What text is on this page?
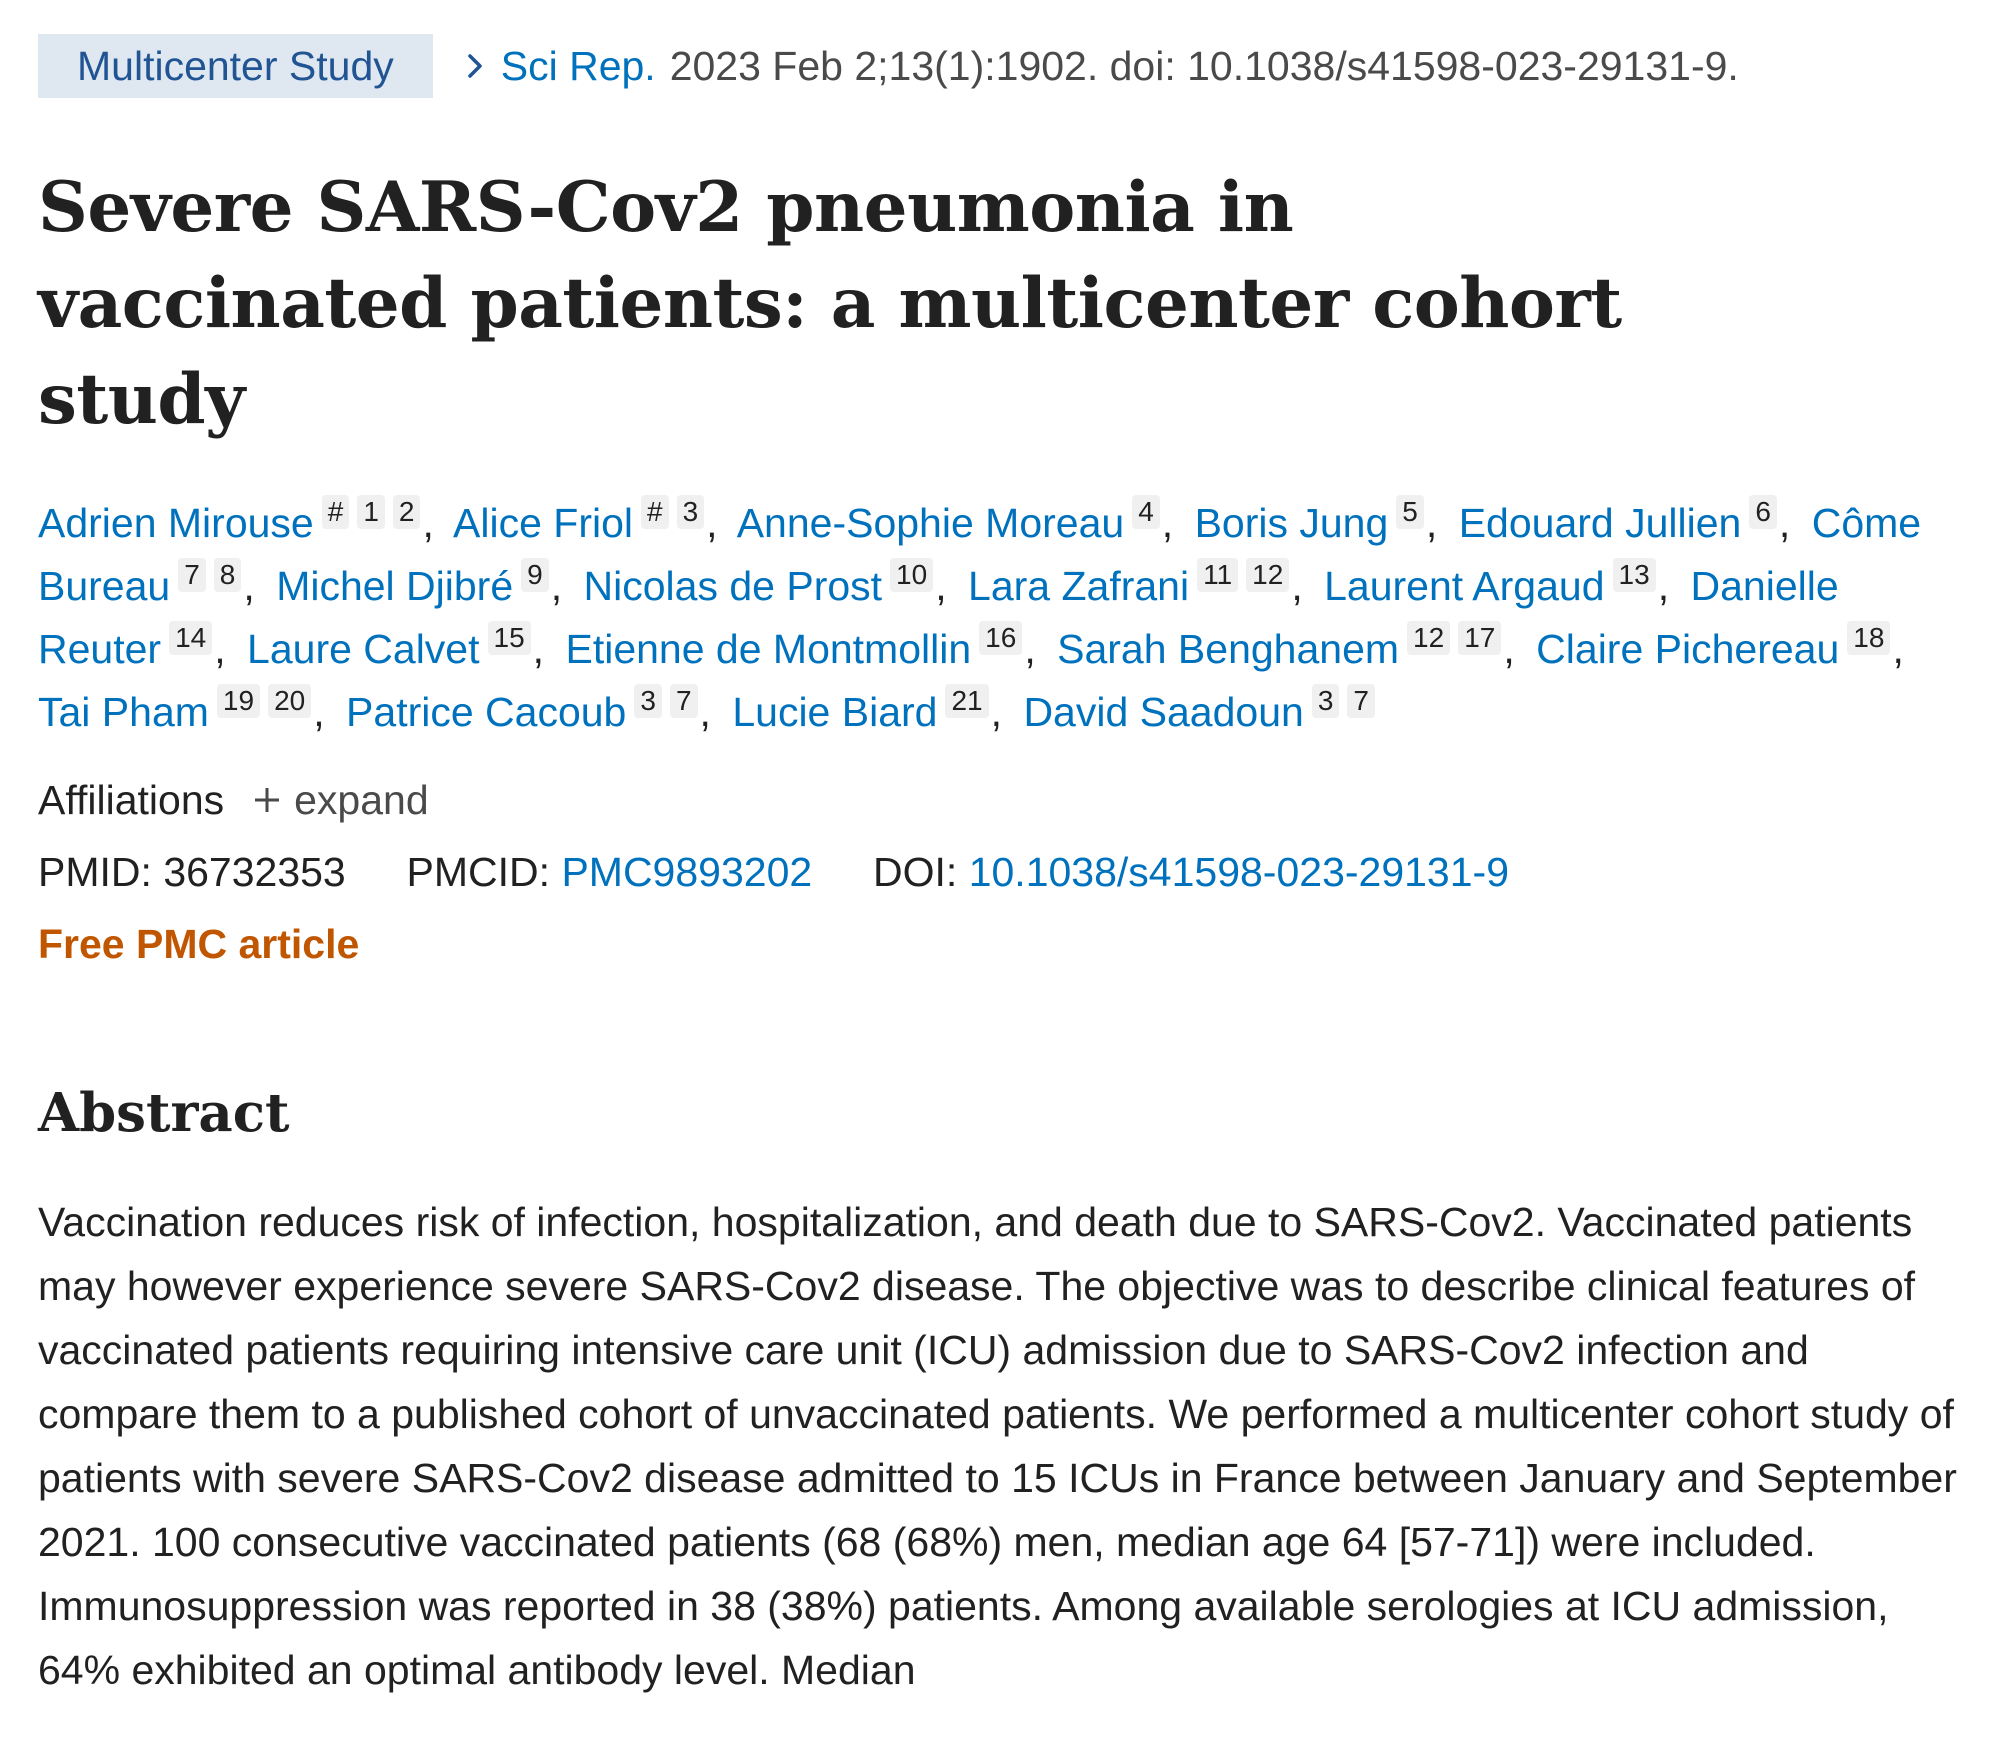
Multicenter Study	Sci Rep. 2023 Feb 2;13(1):1902. doi: 10.1038/s41598-023-29131-9.
Severe SARS-Cov2 pneumonia in vaccinated patients: a multicenter cohort study
Adrien Mirouse # 1 2 , Alice Friol # 3 , Anne-Sophie Moreau 4 , Boris Jung 5 , Edouard Jullien 6 , Côme Bureau 7 8 , Michel Djibré 9 , Nicolas de Prost 10 , Lara Zafrani 11 12 , Laurent Argaud 13 , Danielle Reuter 14 , Laure Calvet 15 , Etienne de Montmollin 16 , Sarah Benghanem 12 17 , Claire Pichereau 18 , Tai Pham 19 20 , Patrice Cacoub 3 7 , Lucie Biard 21 , David Saadoun 3 7
Affiliations expand
PMID: 36732353 PMCID: PMC9893202 DOI: 10.1038/s41598-023-29131-9
Free PMC article
Abstract

Vaccination reduces risk of infection, hospitalization, and death due to SARS-Cov2. Vaccinated patients may however experience severe SARS-Cov2 disease. The objective was to describe clinical features of vaccinated patients requiring intensive care unit (ICU) admission due to SARS-Cov2 infection and compare them to a published cohort of unvaccinated patients. We performed a multicenter cohort study of patients with severe SARS-Cov2 disease admitted to 15 ICUs in France between January and September 2021. 100 consecutive vaccinated patients (68 (68%) men, median age 64 [57-71]) were included. Immunosuppression was reported in 38 (38%) patients. Among available serologies at ICU admission, 64% exhibited an optimal antibody level. Median
